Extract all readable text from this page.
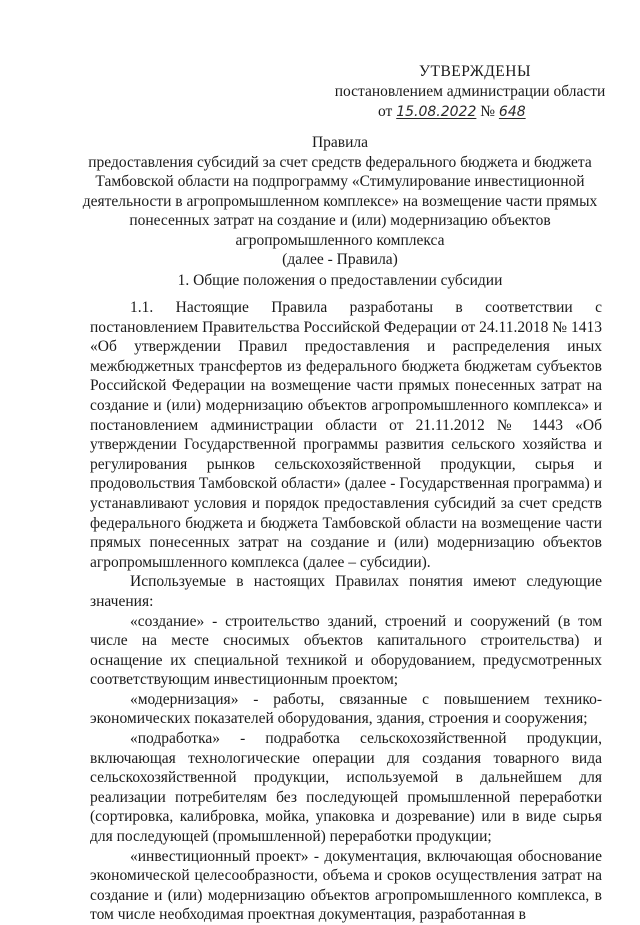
УТВЕРЖДЕНЫ
постановлением администрации области
от 15.08.2022 № 648
Правила
предоставления субсидий за счет средств федерального бюджета и бюджета
Тамбовской области на подпрограмму «Стимулирование инвестиционной
деятельности в агропромышленном комплексе» на возмещение части прямых
понесенных затрат на создание и (или) модернизацию объектов
агропромышленного комплекса
(далее - Правила)
1. Общие положения о предоставлении субсидии

1.1. Настоящие Правила разработаны в соответствии с постановлением Правительства Российской Федерации от 24.11.2018 № 1413 «Об утверждении Правил предоставления и распределения иных межбюджетных трансфертов из федерального бюджета бюджетам субъектов Российской Федерации на возмещение части прямых понесенных затрат на создание и (или) модернизацию объектов агропромышленного комплекса» и постановлением администрации области от 21.11.2012 № 1443 «Об утверждении Государственной программы развития сельского хозяйства и регулирования рынков сельскохозяйственной продукции, сырья и продовольствия Тамбовской области» (далее - Государственная программа) и устанавливают условия и порядок предоставления субсидий за счет средств федерального бюджета и бюджета Тамбовской области на возмещение части прямых понесенных затрат на создание и (или) модернизацию объектов агропромышленного комплекса (далее – субсидии).

Используемые в настоящих Правилах понятия имеют следующие значения:

«создание» - строительство зданий, строений и сооружений (в том числе на месте сносимых объектов капитального строительства) и оснащение их специальной техникой и оборудованием, предусмотренных соответствующим инвестиционным проектом;

«модернизация» - работы, связанные с повышением технико-экономических показателей оборудования, здания, строения и сооружения;

«подработка» - подработка сельскохозяйственной продукции, включающая технологические операции для создания товарного вида сельскохозяйственной продукции, используемой в дальнейшем для реализации потребителям без последующей промышленной переработки (сортировка, калибровка, мойка, упаковка и дозревание) или в виде сырья для последующей (промышленной) переработки продукции;

«инвестиционный проект» - документация, включающая обоснование экономической целесообразности, объема и сроков осуществления затрат на создание и (или) модернизацию объектов агропромышленного комплекса, в том числе необходимая проектная документация, разработанная в
